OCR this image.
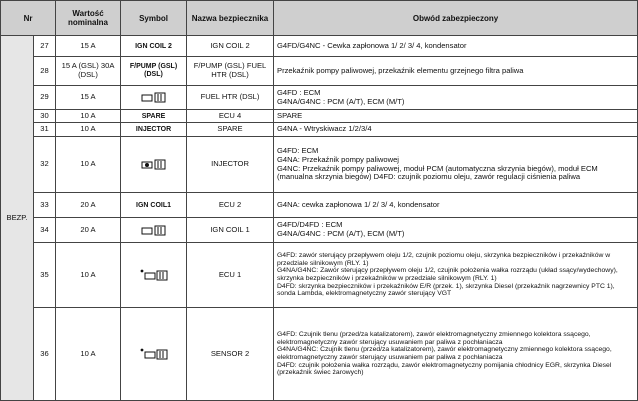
Nr		Wartość nominalna	Symbol	Nazwa bezpiecznika	Obwód zabezpieczony
BEZP.	27	15 A	IGN COIL 2	IGN COIL 2	G4FD/G4NC - Cewka zapłonowa 1/ 2/ 3/ 4, kondensator
	28	15 A (GSL) 30A (DSL)	F/PUMP (GSL) (DSL)	F/PUMP (GSL) FUEL HTR (DSL)	Przekaźnik pompy paliwowej, przekaźnik elementu grzejnego filtra paliwa
	29	15 A		FUEL HTR (DSL)	G4FD : ECM
G4NA/G4NC : PCM (A/T), ECM (M/T)
	30	10 A	SPARE	ECU 4	SPARE
	31	10 A	INJECTOR	SPARE	G4NA - Wtryskiwacz 1/2/3/4
	32	10 A		INJECTOR	G4FD: ECM
G4NA: Przekaźnik pompy paliwowej
G4NC: Przekaźnik pompy paliwowej, moduł PCM (automatyczna skrzynia biegów), moduł ECM (manualna skrzynia biegów) D4FD: czujnik poziomu oleju, zawór regulacji ciśnienia paliwa
	33	20 A	IGN COIL1	ECU 2	G4NA: cewka zapłonowa 1/ 2/ 3/ 4, kondensator
	34	20 A		IGN COIL 1	G4FD/D4FD : ECM
G4NA/G4NC : PCM (A/T), ECM (M/T)
	35	10 A		ECU 1	G4FD: zawór sterujący przepływem oleju 1/2, czujnik poziomu oleju, skrzynka bezpieczników i przekaźników w przedziale silnikowym (RLY. 1)
G4NA/G4NC: Zawór sterujący przepływem oleju 1/2, czujnik położenia wałka rozrządu (układ ssący/wydechowy), skrzynka bezpieczników i przekaźników w przedziale silnikowym (RLY. 1)
D4FD: skrzynka bezpieczników i przekaźników E/R (przek. 1), skrzynka Diesel (przekaźnik nagrzewnicy PTC 1), sonda Lambda, elektromagnetyczny zawór sterujący VGT
	36	10 A		SENSOR 2	G4FD: Czujnik tlenu (przed/za katalizatorem), zawór elektromagnetyczny zmiennego kolektora ssącego, elektromagnetyczny zawór sterujący usuwaniem par paliwa z pochłaniacza
G4NA/G4NC: Czujnik tlenu (przed/za katalizatorem), zawór elektromagnetyczny zmiennego kolektora ssącego, elektromagnetyczny zawór sterujący usuwaniem par paliwa z pochłaniacza
D4FD: czujnik położenia wałka rozrządu, zawór elektromagnetyczny pomijania chłodnicy EGR, skrzynka Diesel (przekaźnik świec żarowych)
